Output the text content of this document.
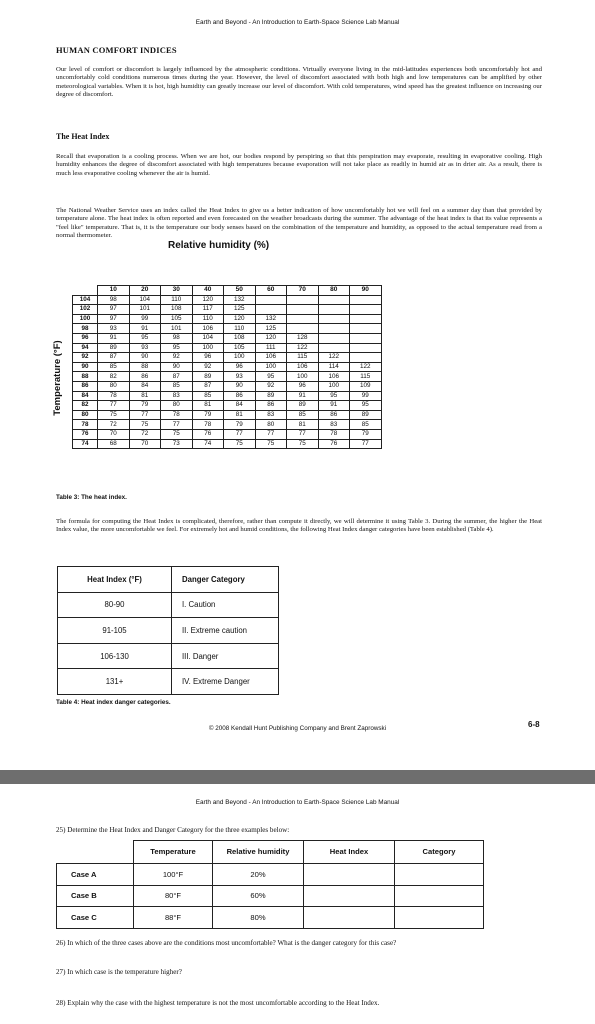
Earth and Beyond - An Introduction to Earth-Space Science Lab Manual
HUMAN COMFORT INDICES

Our level of comfort or discomfort is largely influenced by the atmospheric conditions. Virtually everyone living in the mid-latitudes experiences both uncomfortably hot and uncomfortably cold conditions numerous times during the year. However, the level of discomfort associated with both high and low temperatures can be amplified by other meteorological variables. When it is hot, high humidity can greatly increase our level of discomfort. With cold temperatures, wind speed has the greatest influence on increasing our degree of discomfort.

The Heat Index

Recall that evaporation is a cooling process. When we are hot, our bodies respond by perspiring so that this perspiration may evaporate, resulting in evaporative cooling. High humidity enhances the degree of discomfort associated with high temperatures because evaporation will not take place as readily in humid air as in drier air. As a result, there is much less evaporative cooling whenever the air is humid.

The National Weather Service uses an index called the Heat Index to give us a better indication of how uncomfortably hot we will feel on a summer day than that provided by temperature alone. The heat index is often reported and even forecasted on the weather broadcasts during the summer. The advantage of the heat index is that its value represents a "feel like" temperature. That is, it is the temperature our body senses based on the combination of the temperature and humidity, as opposed to the actual temperature read from a normal thermometer.

Relative humidity (%)
Temperature (°F)
	10	20	30	40	50	60	70	80	90
104	98	104	110	120	132				
102	97	101	108	117	125				
100	97	99	105	110	120	132			
98	93	91	101	106	110	125			
96	91	95	98	104	108	120	128		
94	89	93	95	100	105	111	122		
92	87	90	92	96	100	106	115	122	
90	85	88	90	92	96	100	106	114	122
88	82	86	87	89	93	95	100	106	115
86	80	84	85	87	90	92	96	100	109
84	78	81	83	85	86	89	91	95	99
82	77	79	80	81	84	86	89	91	95
80	75	77	78	79	81	83	85	86	89
78	72	75	77	78	79	80	81	83	85
76	70	72	75	76	77	77	77	78	79
74	68	70	73	74	75	75	75	76	77
Table 3: The heat index.

The formula for computing the Heat Index is complicated, therefore, rather than compute it directly, we will determine it using Table 3. During the summer, the higher the Heat Index value, the more uncomfortable we feel. For extremely hot and humid conditions, the following Heat Index danger categories have been established (Table 4).

Heat Index (°F)	Danger Category
80-90	I. Caution
91-105	II. Extreme caution
106-130	III. Danger
131+	IV. Extreme Danger
Table 4: Heat index danger categories.
© 2008 Kendall Hunt Publishing Company and Brent Zaprowski	6-8
Earth and Beyond - An Introduction to Earth-Space Science Lab Manual

25) Determine the Heat Index and Danger Category for the three examples below:

	Temperature	Relative humidity	Heat Index	Category
Case A	100°F	20%		
Case B	80°F	60%		
Case C	88°F	80%		

26) In which of the three cases above are the conditions most uncomfortable? What is the danger category for this case?

27) In which case is the temperature higher?

28) Explain why the case with the highest temperature is not the most uncomfortable according to the Heat Index.
